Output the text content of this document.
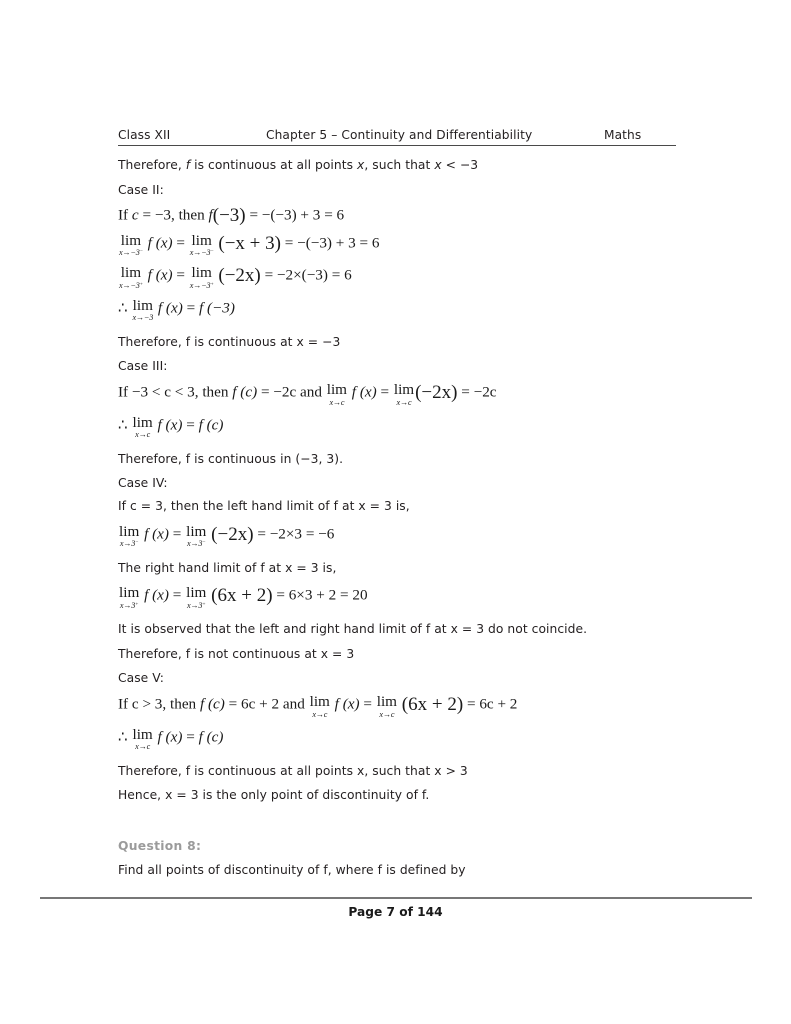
Class XII	Chapter 5 – Continuity and Differentiability	Maths

Therefore, f is continuous at all points x, such that x < −3

Case II:

If c = −3, then f(−3) = −(−3) + 3 = 6
lim
x→−3−
f (x) = lim
x→−3− (−x + 3) = −(−3) + 3 = 6
lim
x→−3+
f (x) = lim
x→−3+ (−2x) = −2×(−3) = 6
∴ lim
x→−3
f (x) = f (−3)

Therefore, f is continuous at x = −3

Case III:

If −3 < c < 3, then f (c) = −2c and lim
x→c
f (x) = lim
x→c (−2x) = −2c
∴ lim
x→c
f (x) = f (c)

Therefore, f is continuous in (−3, 3).

Case IV:

If c = 3, then the left hand limit of f at x = 3 is,

lim
x→3−
f (x) = lim
x→3− (−2x) = −2×3 = −6

The right hand limit of f at x = 3 is,

lim
x→3+
f (x) = lim
x→3+ (6x + 2) = 6×3 + 2 = 20

It is observed that the left and right hand limit of f at x = 3 do not coincide.

Therefore, f is not continuous at x = 3

Case V:

If c > 3, then f (c) = 6c + 2 and lim
x→c
f (x) = lim
x→c (6x + 2) = 6c + 2
∴ lim
x→c
f (x) = f (c)

Therefore, f is continuous at all points x, such that x > 3

Hence, x = 3 is the only point of discontinuity of f.

Question 8:

Find all points of discontinuity of f, where f is defined by

Page 7 of 144
